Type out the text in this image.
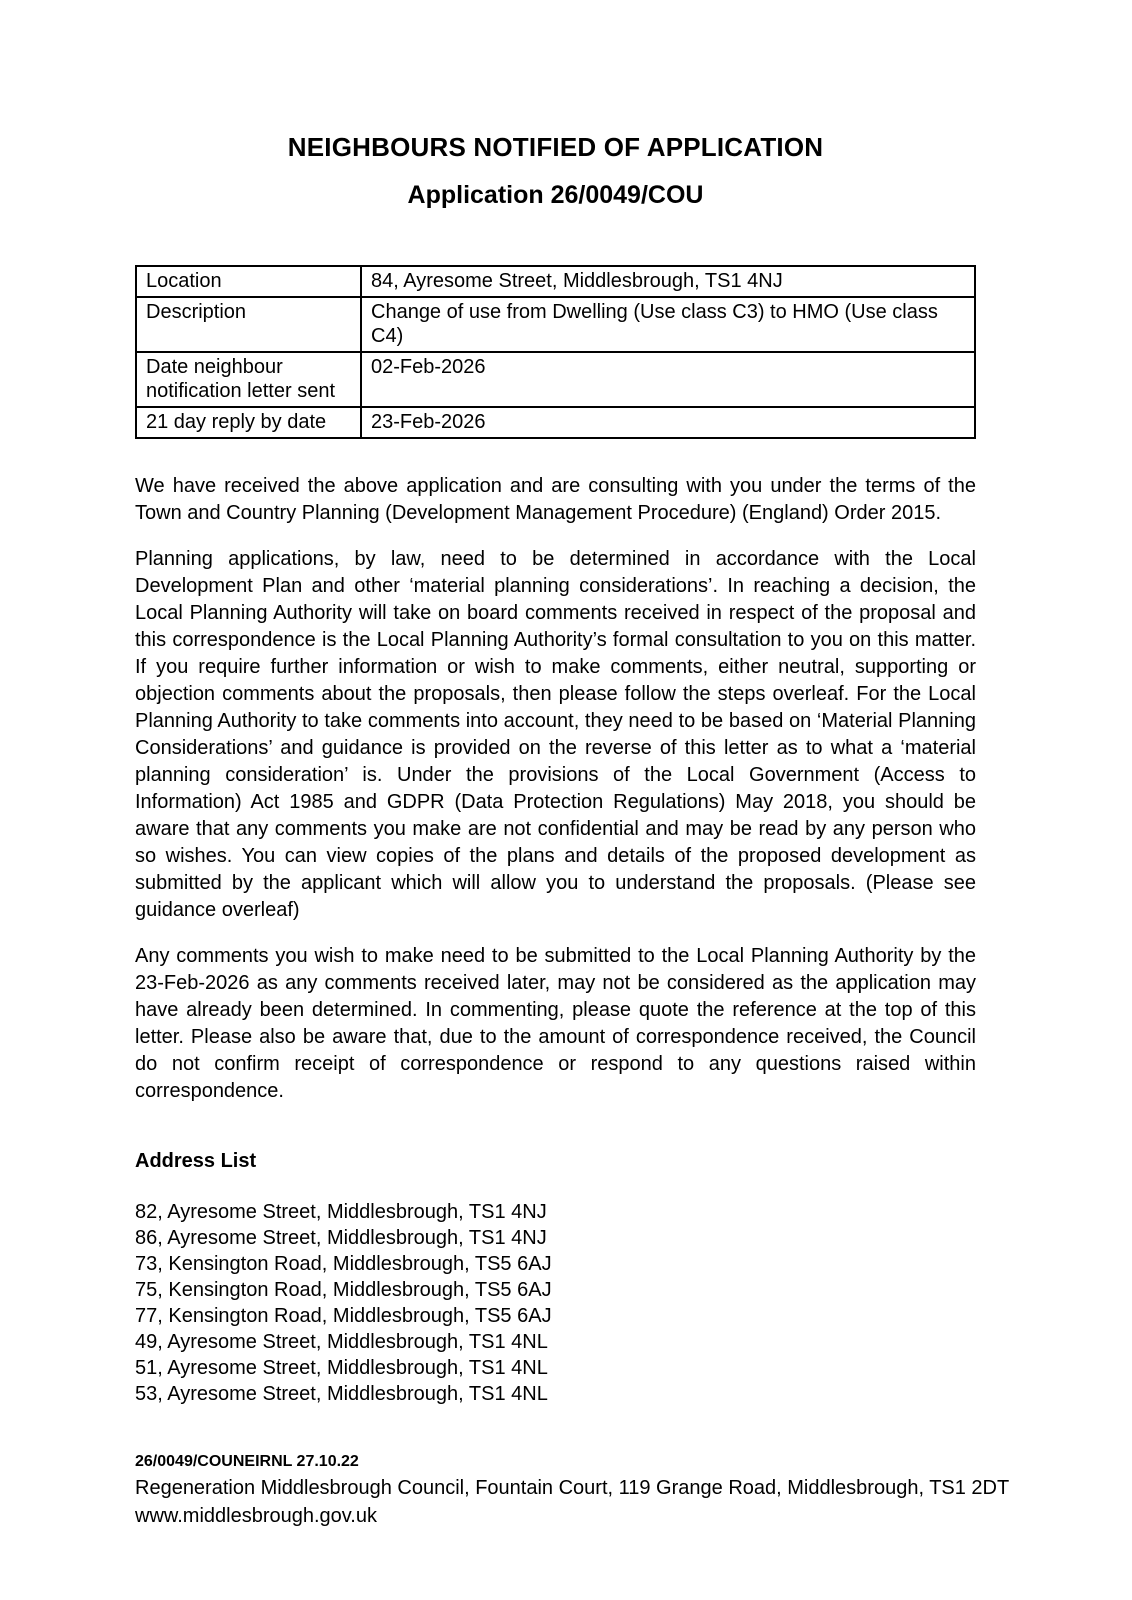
NEIGHBOURS NOTIFIED OF APPLICATION
Application 26/0049/COU
Location	84, Ayresome Street, Middlesbrough, TS1 4NJ
Description	Change of use from Dwelling (Use class C3) to HMO (Use class C4)
Date neighbour notification letter sent	02-Feb-2026
21 day reply by date	23-Feb-2026

We have received the above application and are consulting with you under the terms of the Town and Country Planning (Development Management Procedure) (England) Order 2015.

Planning applications, by law, need to be determined in accordance with the Local Development Plan and other ‘material planning considerations’. In reaching a decision, the Local Planning Authority will take on board comments received in respect of the proposal and this correspondence is the Local Planning Authority’s formal consultation to you on this matter. If you require further information or wish to make comments, either neutral, supporting or objection comments about the proposals, then please follow the steps overleaf. For the Local Planning Authority to take comments into account, they need to be based on ‘Material Planning Considerations’ and guidance is provided on the reverse of this letter as to what a ‘material planning consideration’ is. Under the provisions of the Local Government (Access to Information) Act 1985 and GDPR (Data Protection Regulations) May 2018, you should be aware that any comments you make are not confidential and may be read by any person who so wishes. You can view copies of the plans and details of the proposed development as submitted by the applicant which will allow you to understand the proposals. (Please see guidance overleaf)

Any comments you wish to make need to be submitted to the Local Planning Authority by the 23-Feb-2026 as any comments received later, may not be considered as the application may have already been determined. In commenting, please quote the reference at the top of this letter. Please also be aware that, due to the amount of correspondence received, the Council do not confirm receipt of correspondence or respond to any questions raised within correspondence.

Address List
82, Ayresome Street, Middlesbrough, TS1 4NJ
86, Ayresome Street, Middlesbrough, TS1 4NJ
73, Kensington Road, Middlesbrough, TS5 6AJ
75, Kensington Road, Middlesbrough, TS5 6AJ
77, Kensington Road, Middlesbrough, TS5 6AJ
49, Ayresome Street, Middlesbrough, TS1 4NL
51, Ayresome Street, Middlesbrough, TS1 4NL
53, Ayresome Street, Middlesbrough, TS1 4NL
26/0049/COUNEIRNL 27.10.22
Regeneration Middlesbrough Council, Fountain Court, 119 Grange Road, Middlesbrough, TS1 2DT
www.middlesbrough.gov.uk
